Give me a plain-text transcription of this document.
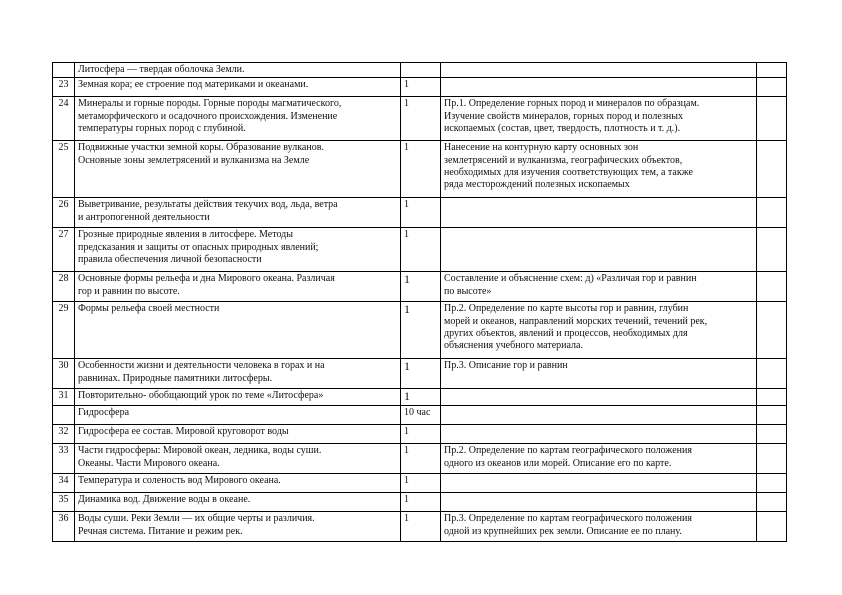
	Литосфера — твердая оболочка Земли.			
23	Земная кора; ее строение под материками и океанами.	1		
24	Минералы и горные породы. Горные породы магматического,
метаморфического и осадочного происхождения. Изменение
температуры горных пород с глубиной.	1	Пр.1. Определение горных пород и минералов по образцам.
Изучение свойств минералов, горных пород и полезных
ископаемых (состав, цвет, твердость, плотность и т. д.).	
25	Подвижные участки земной коры. Образование вулканов.
Основные зоны землетрясений и вулканизма на Земле	1	Нанесение на контурную карту основных зон
землетрясений и вулканизма, географических объектов,
необходимых для изучения соответствующих тем, а также
ряда месторождений полезных ископаемых	
26	Выветривание, результаты действия текучих вод, льда, ветра
и антропогенной деятельности	1		
27	Грозные природные явления в литосфере. Методы
предсказания и защиты от опасных природных явлений;
правила обеспечения личной безопасности	1		
28	Основные формы рельефа и дна Мирового океана. Различая
гор и равнин по высоте.	1	Составление и объяснение схем: д) «Различая гор и равнин
по высоте»	
29	Формы рельефа своей местности	1	Пр.2. Определение по карте высоты гор и равнин, глубин
морей и океанов, направлений морских течений, течений рек,
других объектов, явлений и процессов, необходимых для
объяснения учебного материала.	
30	Особенности жизни и деятельности человека в горах и на
равнинах. Природные памятники литосферы.	1	Пр.3. Описание гор и равнин	
31	Повторительно- обобщающий урок по теме «Литосфера»	1		
	Гидросфера	10 час		
32	Гидросфера ее состав. Мировой круговорот воды	1		
33	Части гидросферы: Мировой океан, ледника, воды суши.
Океаны. Части Мирового океана.	1	Пр.2. Определение по картам географического положения
одного из океанов или морей. Описание его по карте.	
34	Температура и соленость вод Мирового океана.	1		
35	Динамика вод. Движение воды в океане.	1		
36	Воды суши. Реки Земли — их общие черты и различия.
Речная система. Питание и режим рек.	1	Пр.3. Определение по картам географического положения
одной из крупнейших рек земли. Описание ее по плану.	
